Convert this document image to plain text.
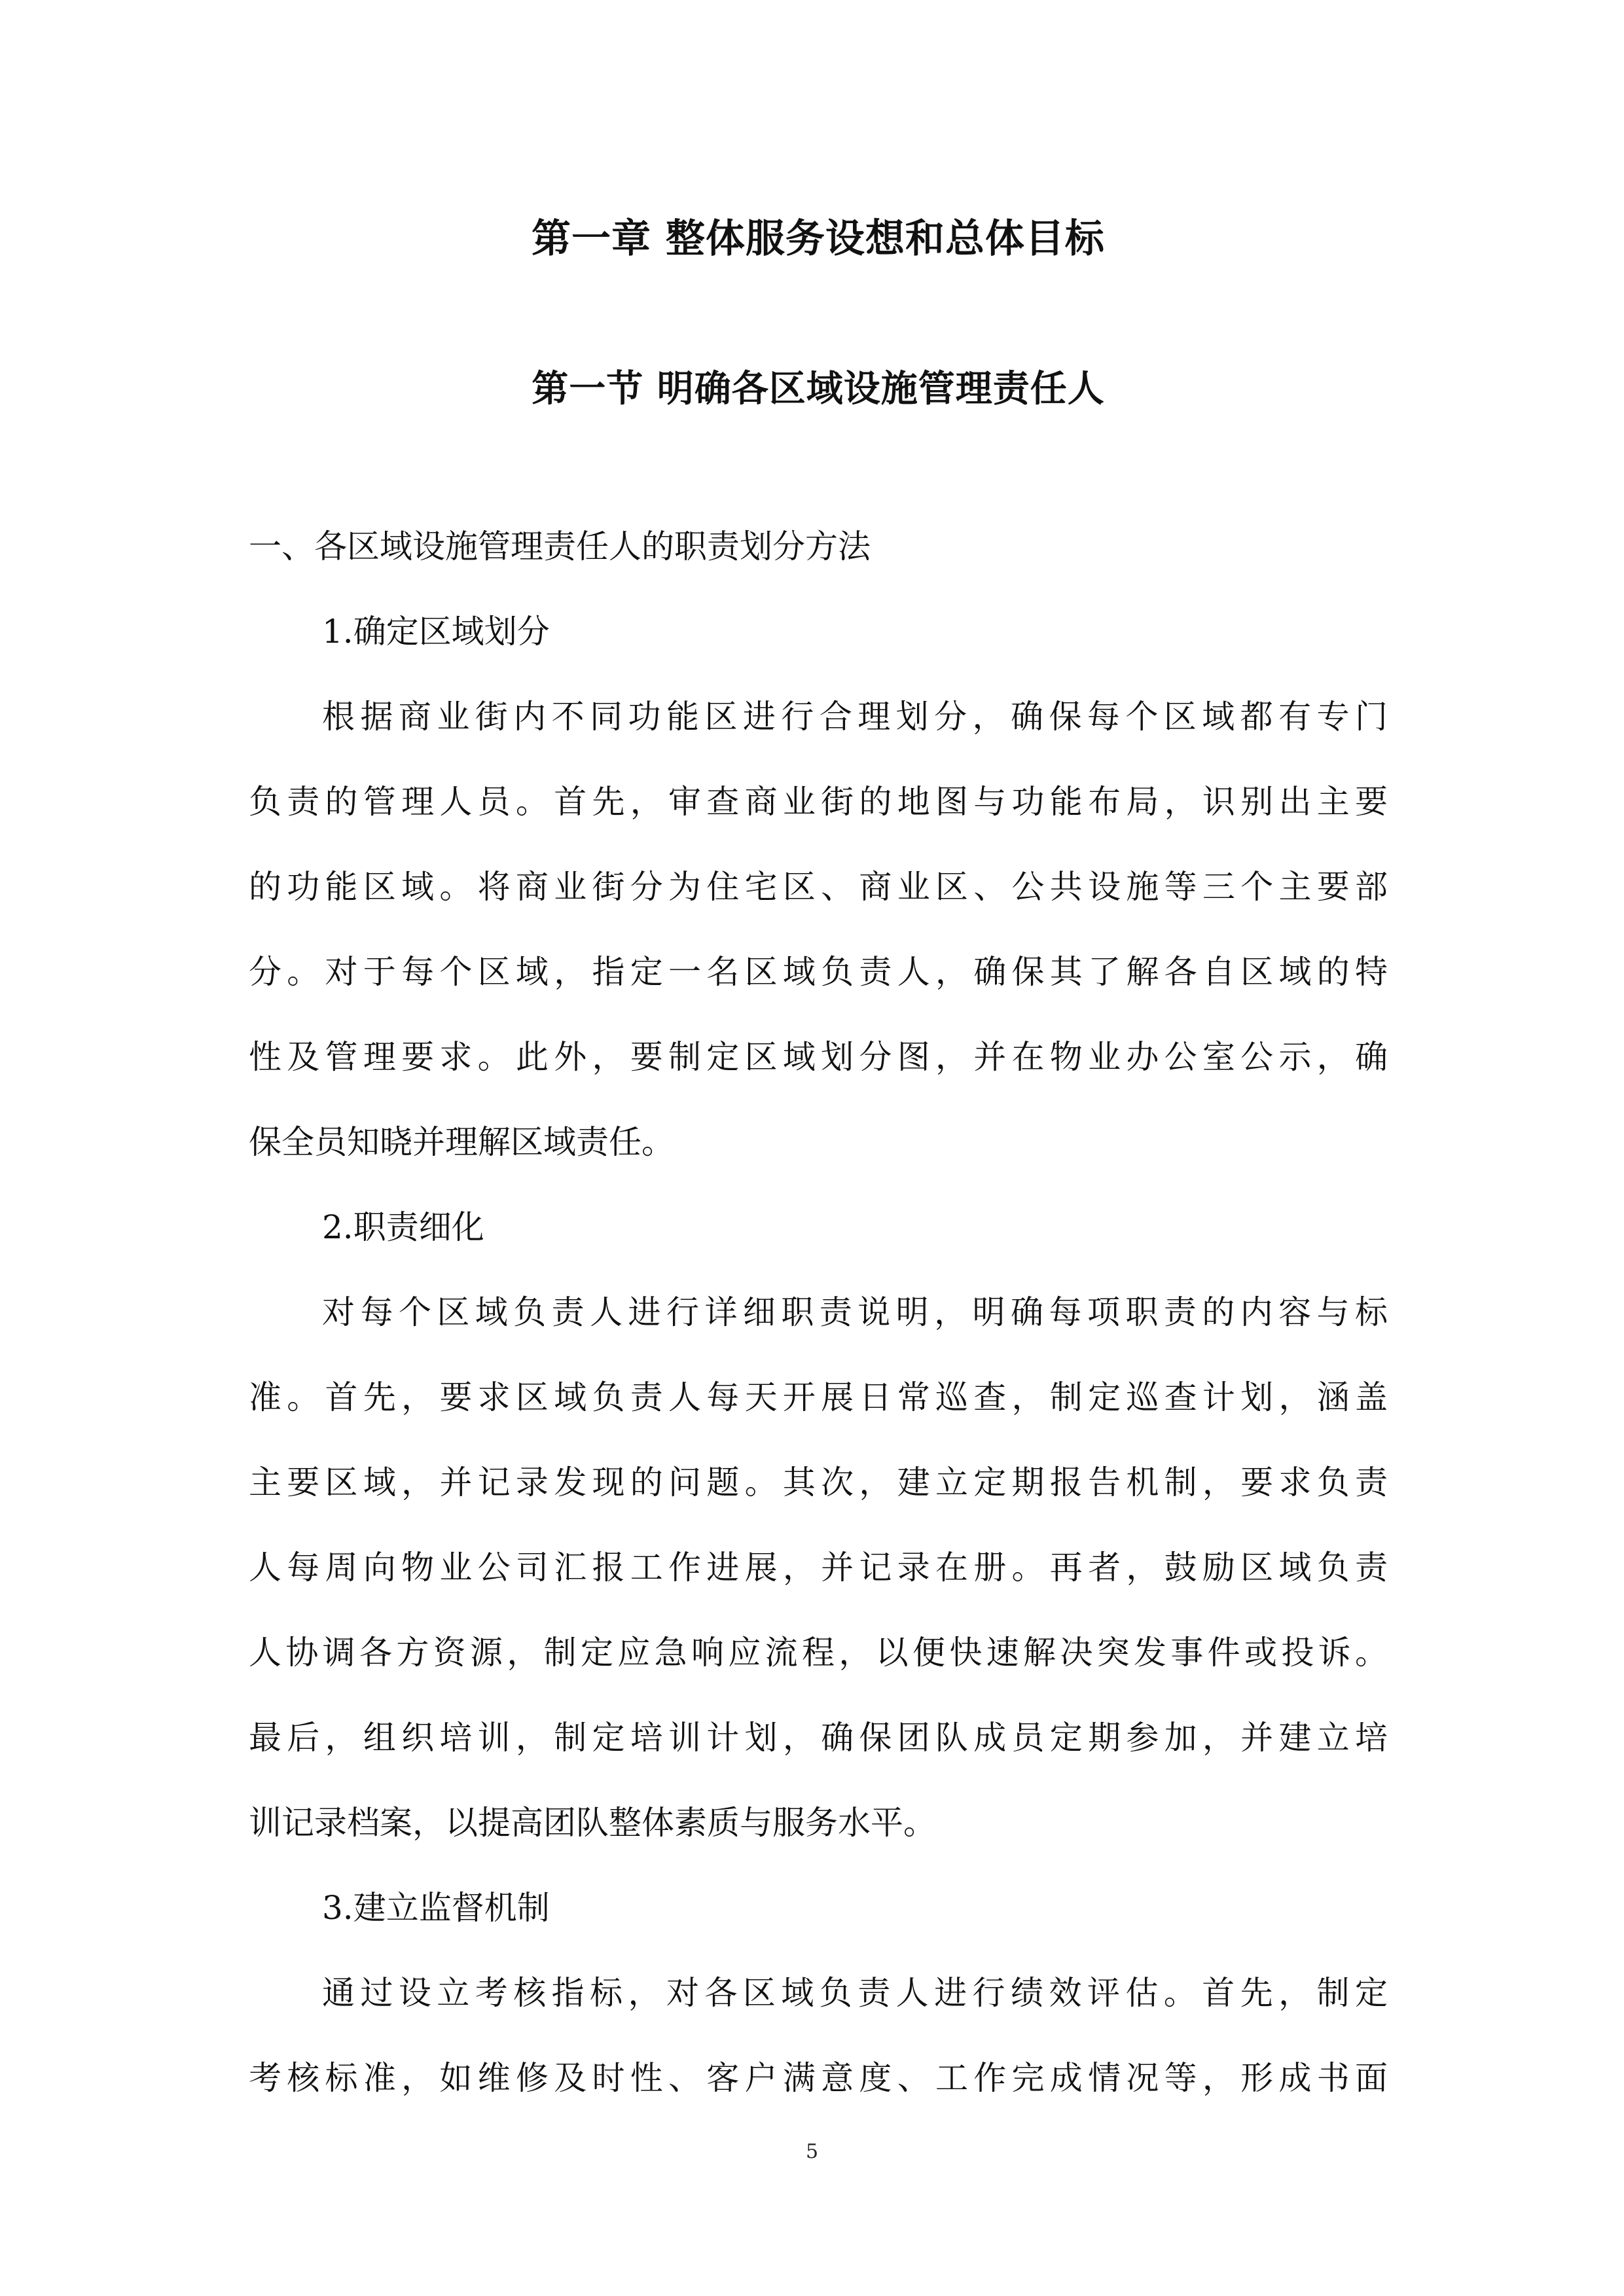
第一章 整体服务设想和总体目标
第一节 明确各区域设施管理责任人

一、各区域设施管理责任人的职责划分方法

1.确定区域划分

根据商业街内不同功能区进行合理划分，确保每个区域都有专门
负责的管理人员。首先，审查商业街的地图与功能布局，识别出主要
的功能区域。将商业街分为住宅区、商业区、公共设施等三个主要部
分。对于每个区域，指定一名区域负责人，确保其了解各自区域的特
性及管理要求。此外，要制定区域划分图，并在物业办公室公示，确
保全员知晓并理解区域责任。

2.职责细化

对每个区域负责人进行详细职责说明，明确每项职责的内容与标
准。首先，要求区域负责人每天开展日常巡查，制定巡查计划，涵盖
主要区域，并记录发现的问题。其次，建立定期报告机制，要求负责
人每周向物业公司汇报工作进展，并记录在册。再者，鼓励区域负责
人协调各方资源，制定应急响应流程，以便快速解决突发事件或投诉。
最后，组织培训，制定培训计划，确保团队成员定期参加，并建立培
训记录档案，以提高团队整体素质与服务水平。

3.建立监督机制

通过设立考核指标，对各区域负责人进行绩效评估。首先，制定
考核标准，如维修及时性、客户满意度、工作完成情况等，形成书面
5
